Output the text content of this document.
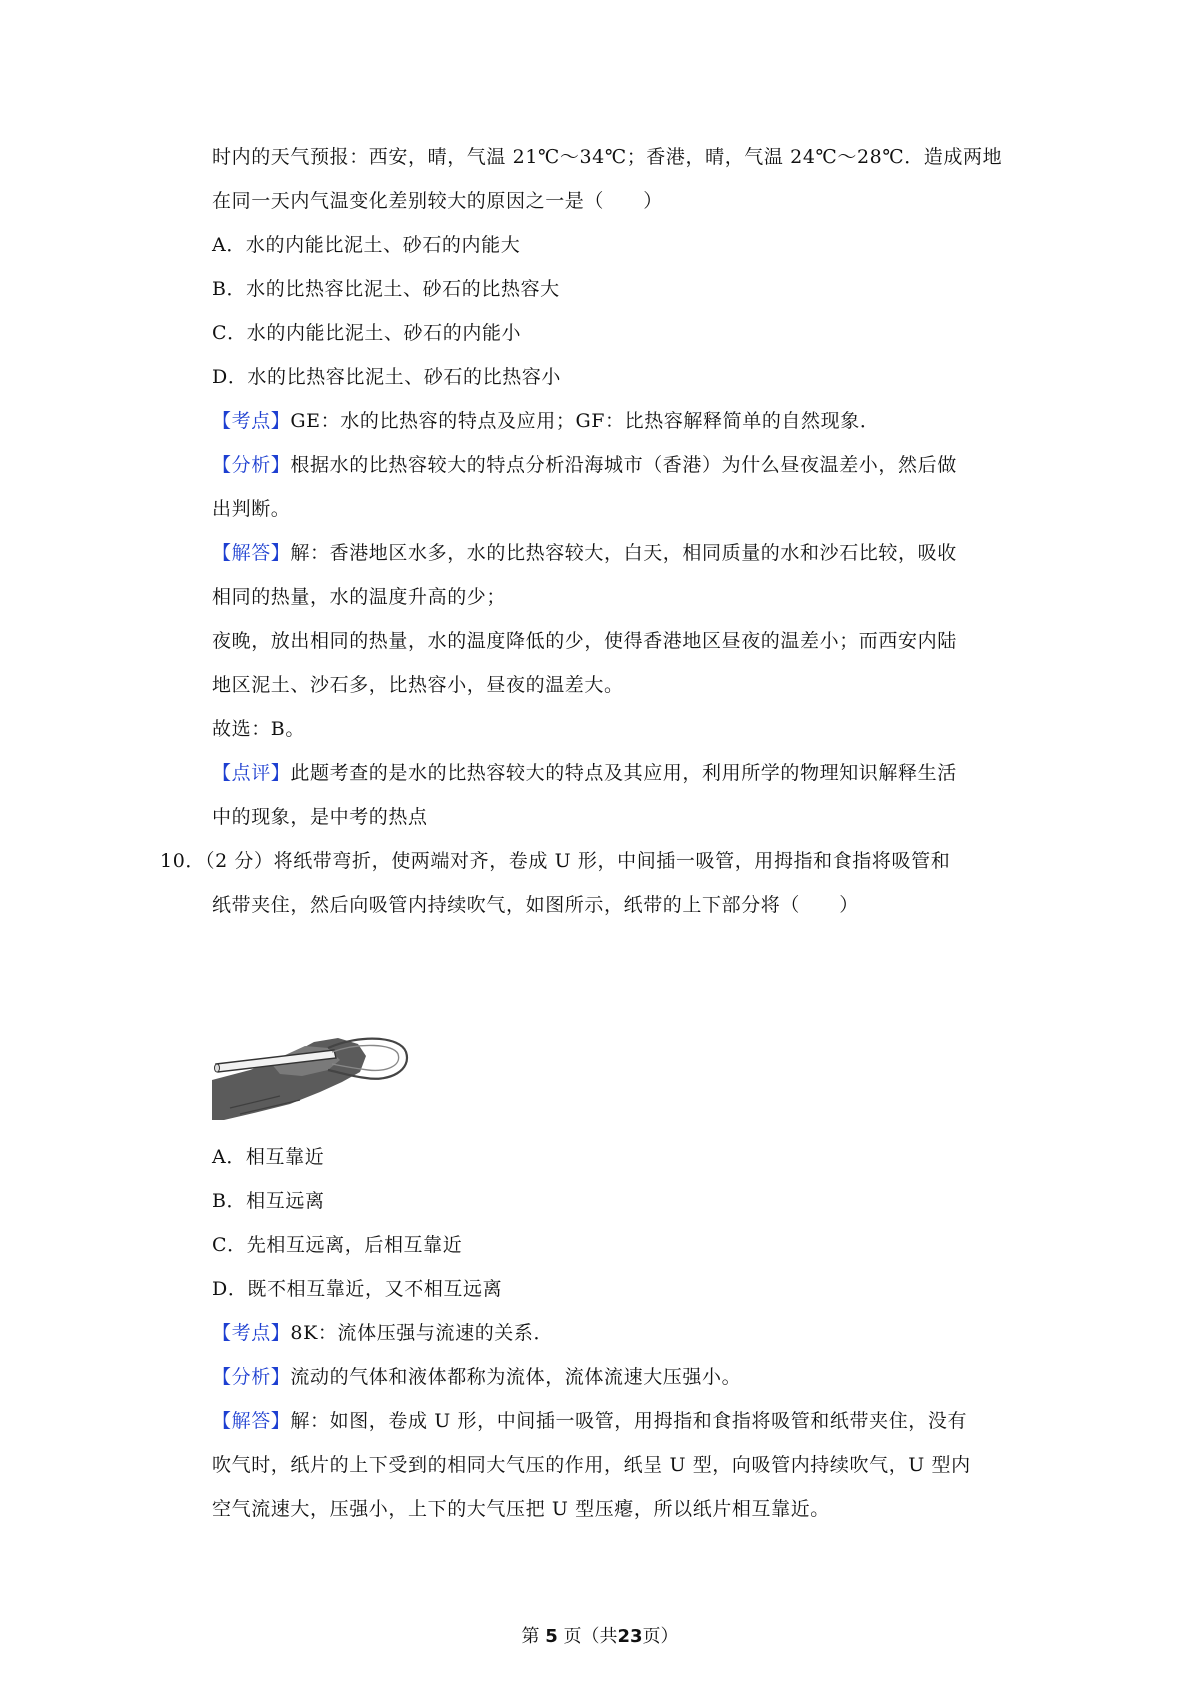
时内的天气预报：西安，晴，气温 21℃～34℃；香港，晴，气温 24℃～28℃．造成两地
在同一天内气温变化差别较大的原因之一是（　　）
A．水的内能比泥土、砂石的内能大
B．水的比热容比泥土、砂石的比热容大
C．水的内能比泥土、砂石的内能小
D．水的比热容比泥土、砂石的比热容小
【考点】GE：水的比热容的特点及应用；GF：比热容解释简单的自然现象．
【分析】根据水的比热容较大的特点分析沿海城市（香港）为什么昼夜温差小，然后做
出判断。
【解答】解：香港地区水多，水的比热容较大，白天，相同质量的水和沙石比较，吸收
相同的热量，水的温度升高的少；
夜晚，放出相同的热量，水的温度降低的少，使得香港地区昼夜的温差小；而西安内陆
地区泥土、沙石多，比热容小，昼夜的温差大。
故选：B。
【点评】此题考查的是水的比热容较大的特点及其应用，利用所学的物理知识解释生活
中的现象，是中考的热点
10．（2 分）将纸带弯折，使两端对齐，卷成 U 形，中间插一吸管，用拇指和食指将吸管和
纸带夹住，然后向吸管内持续吹气，如图所示，纸带的上下部分将（　　）
A．相互靠近
B．相互远离
C．先相互远离，后相互靠近
D．既不相互靠近，又不相互远离
【考点】8K：流体压强与流速的关系．
【分析】流动的气体和液体都称为流体，流体流速大压强小。
【解答】解：如图，卷成 U 形，中间插一吸管，用拇指和食指将吸管和纸带夹住，没有
吹气时，纸片的上下受到的相同大气压的作用，纸呈 U 型，向吸管内持续吹气，U 型内
空气流速大，压强小，上下的大气压把 U 型压瘪，所以纸片相互靠近。
第 5 页（共23页）
